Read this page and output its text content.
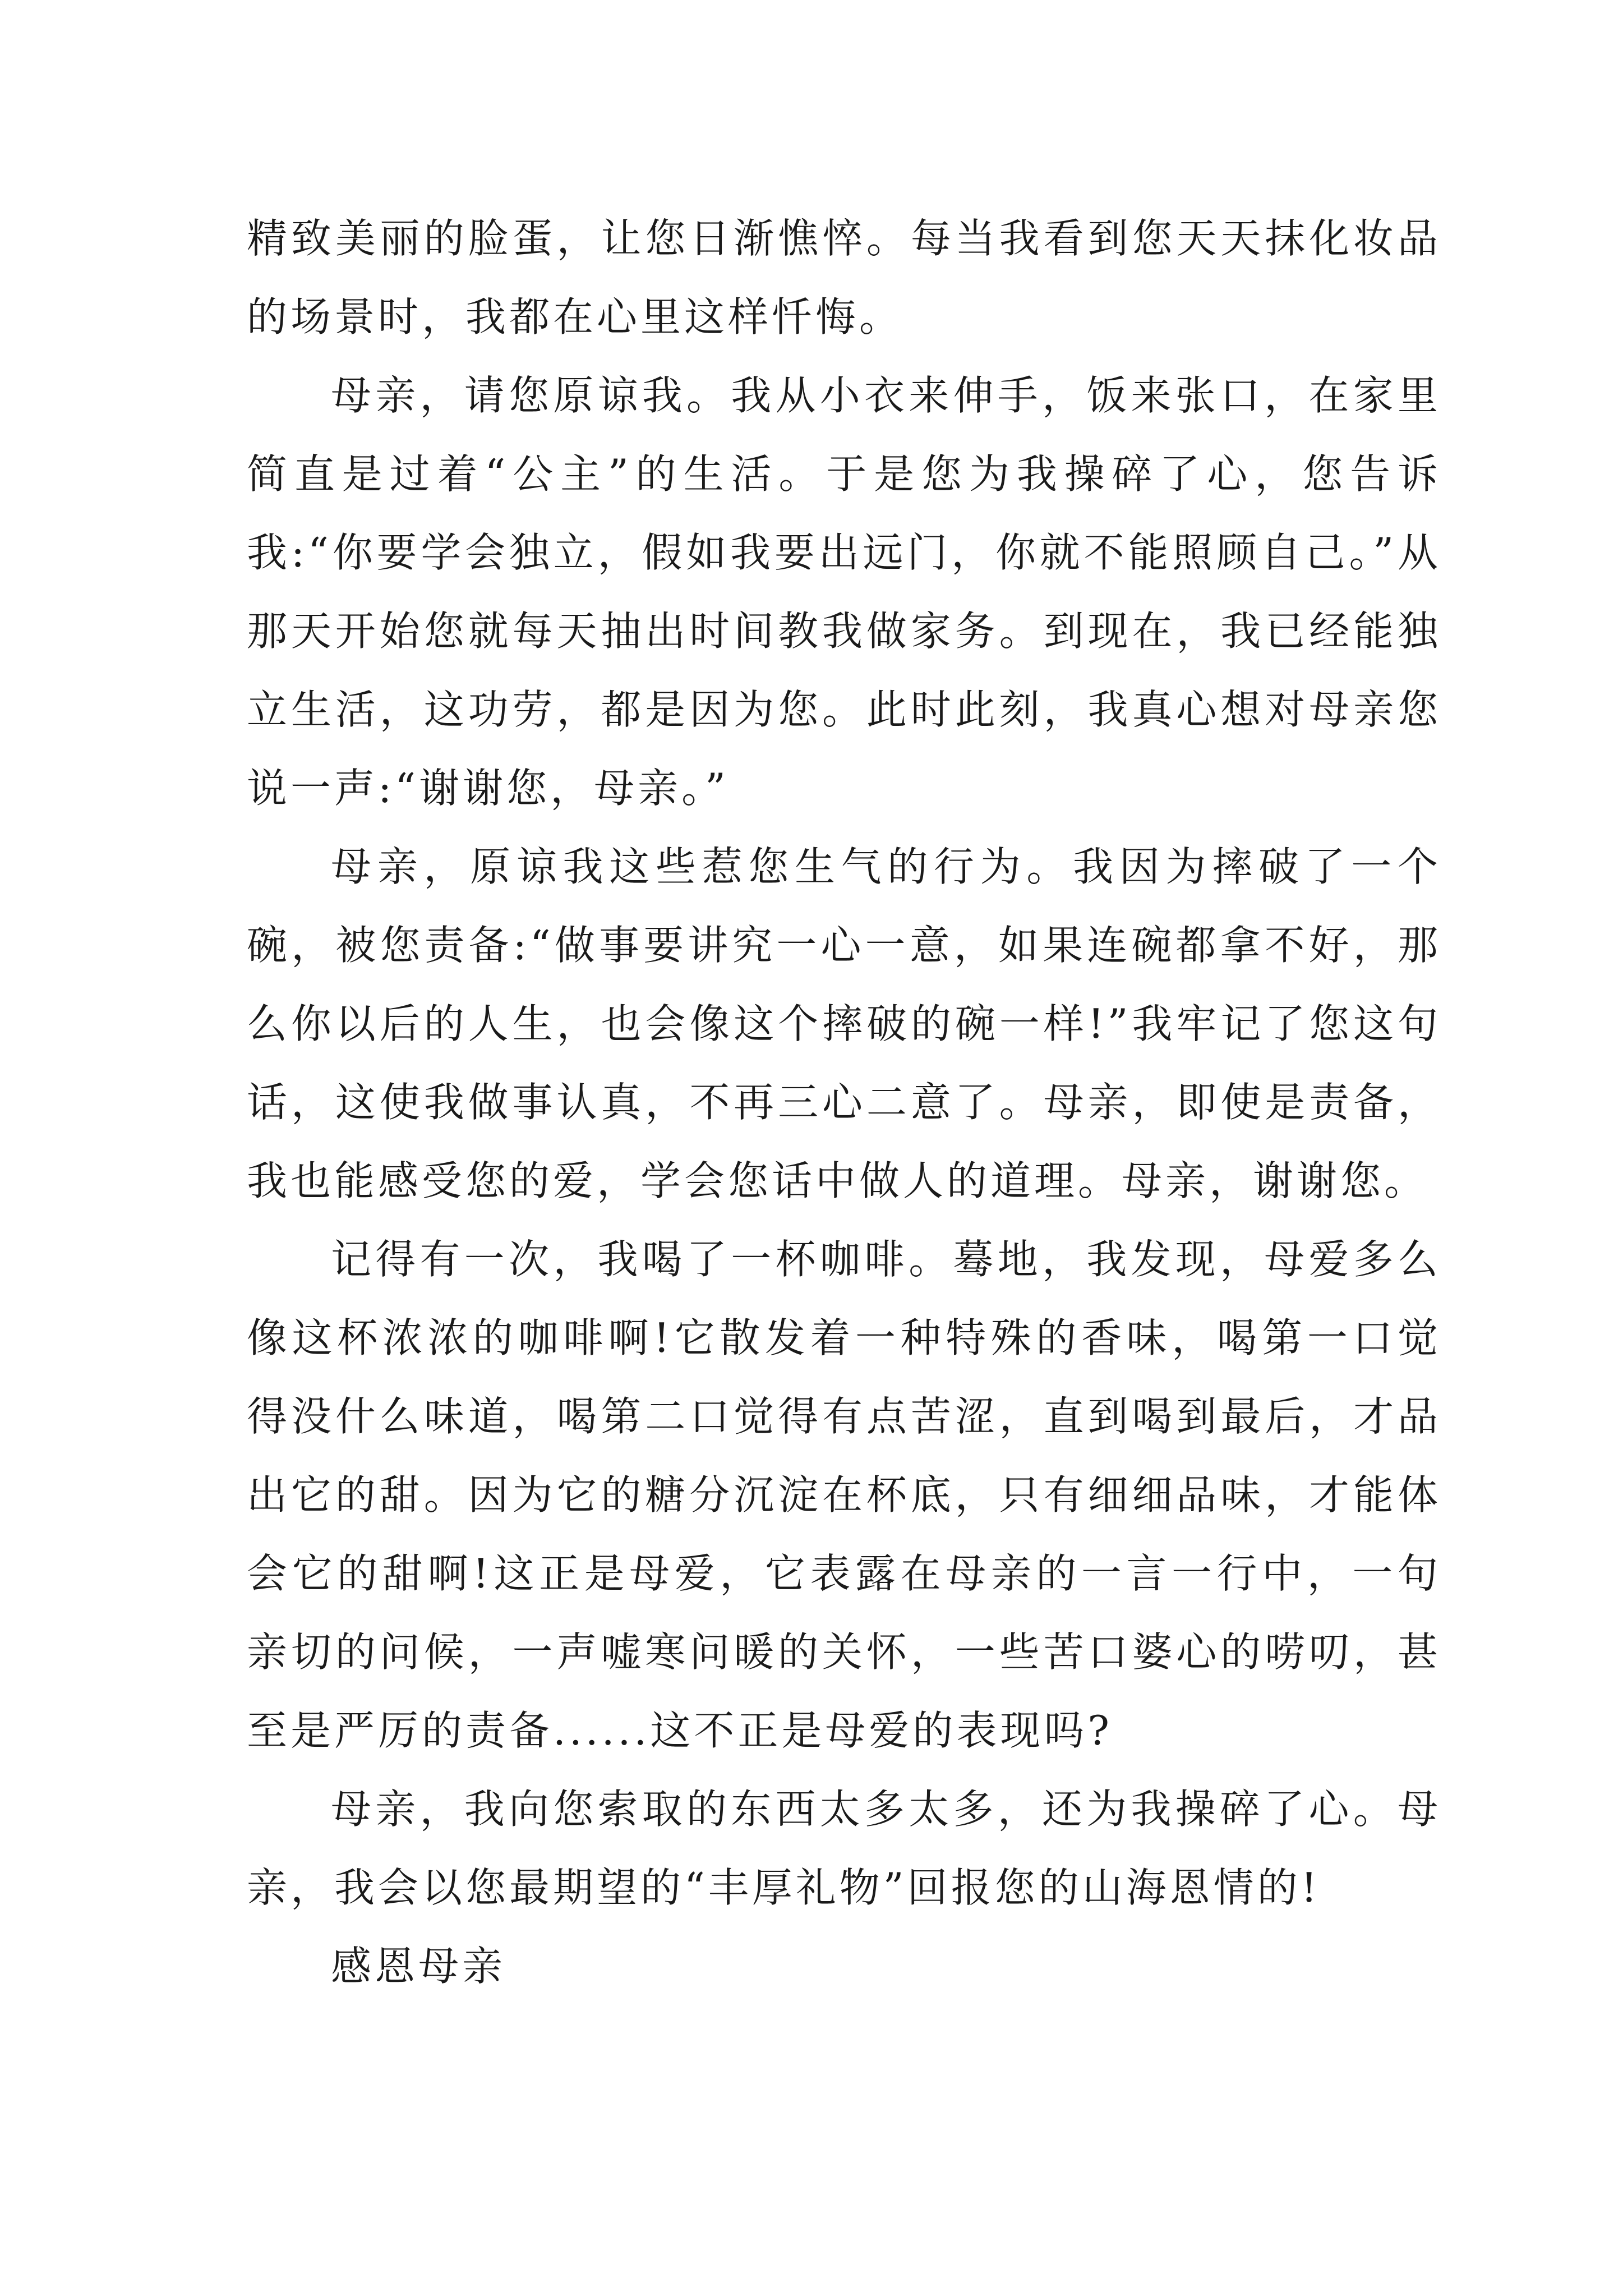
精致美丽的脸蛋，让您日渐憔悴。每当我看到您天天抹化妆品的场景时，我都在心里这样忏悔。

母亲，请您原谅我。我从小衣来伸手，饭来张口，在家里简直是过着“公主”的生活。于是您为我操碎了心，您告诉我:“你要学会独立，假如我要出远门，你就不能照顾自己。”从那天开始您就每天抽出时间教我做家务。到现在，我已经能独立生活，这功劳，都是因为您。此时此刻，我真心想对母亲您说一声:“谢谢您，母亲。”

母亲，原谅我这些惹您生气的行为。我因为摔破了一个碗，被您责备:“做事要讲究一心一意，如果连碗都拿不好，那么你以后的人生，也会像这个摔破的碗一样!”我牢记了您这句话，这使我做事认真，不再三心二意了。母亲，即使是责备，我也能感受您的爱，学会您话中做人的道理。母亲，谢谢您。

记得有一次，我喝了一杯咖啡。蓦地，我发现，母爱多么像这杯浓浓的咖啡啊!它散发着一种特殊的香味，喝第一口觉得没什么味道，喝第二口觉得有点苦涩，直到喝到最后，才品出它的甜。因为它的糖分沉淀在杯底，只有细细品味，才能体会它的甜啊!这正是母爱，它表露在母亲的一言一行中，一句亲切的问候，一声嘘寒问暖的关怀，一些苦口婆心的唠叨，甚至是严厉的责备......这不正是母爱的表现吗?

母亲，我向您索取的东西太多太多，还为我操碎了心。母亲，我会以您最期望的“丰厚礼物”回报您的山海恩情的!

感恩母亲
